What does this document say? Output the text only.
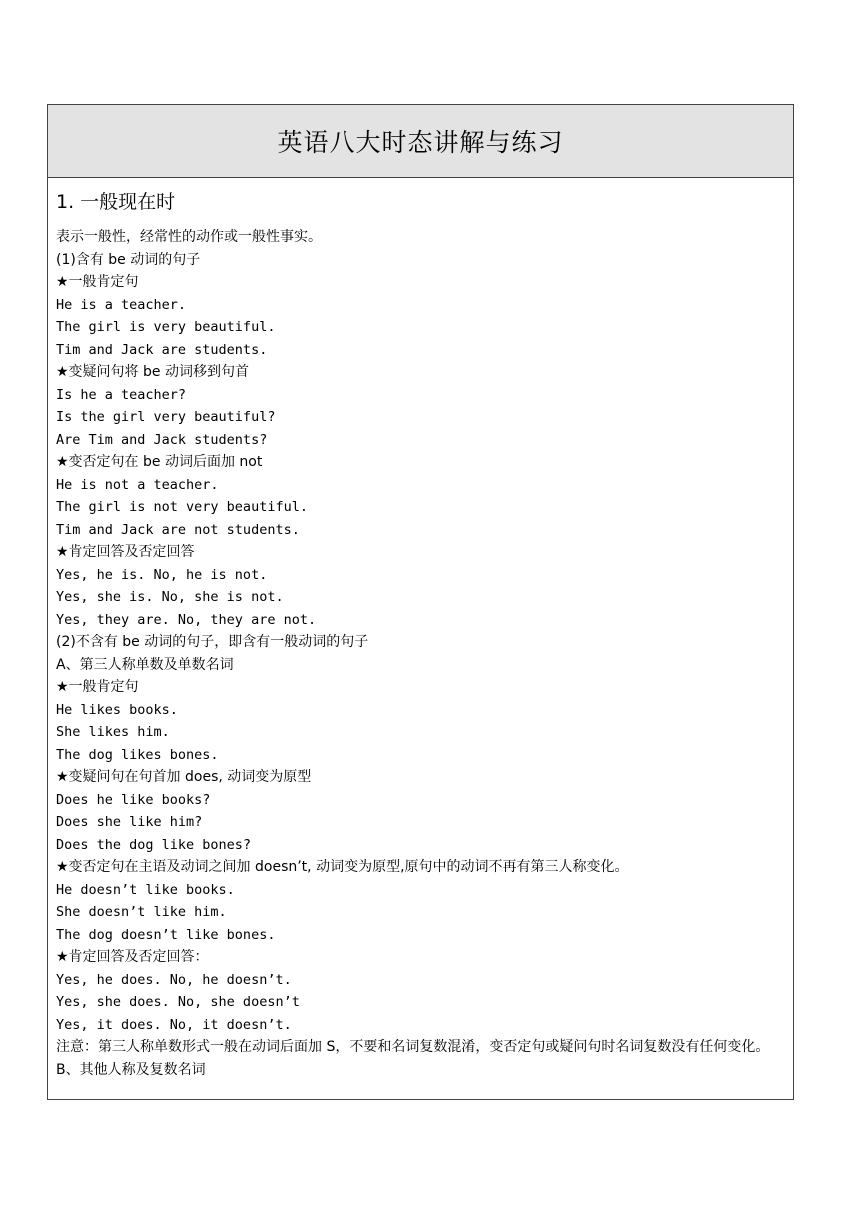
英语八大时态讲解与练习
1. 一般现在时
表示一般性，经常性的动作或一般性事实。
(1)含有 be 动词的句子
★一般肯定句
He is a teacher.
The girl is very beautiful.
Tim and Jack are students.
★变疑问句将 be 动词移到句首
Is he a teacher?
Is the girl very beautiful?
Are Tim and Jack students?
★变否定句在 be 动词后面加 not
He is not a teacher.
The girl is not very beautiful.
Tim and Jack are not students.
★肯定回答及否定回答
Yes, he is. No, he is not.
Yes, she is. No, she is not.
Yes, they are. No, they are not.
(2)不含有 be 动词的句子，即含有一般动词的句子
A、第三人称单数及单数名词
★一般肯定句
He likes books.
She likes him.
The dog likes bones.
★变疑问句在句首加 does, 动词变为原型
Does he like books?
Does she like him?
Does the dog like bones?
★变否定句在主语及动词之间加 doesn’t, 动词变为原型,原句中的动词不再有第三人称变化。
He doesn’t like books.
She doesn’t like him.
The dog doesn’t like bones.
★肯定回答及否定回答：
Yes, he does. No, he doesn’t.
Yes, she does. No, she doesn’t
Yes, it does. No, it doesn’t.
注意：第三人称单数形式一般在动词后面加 S，不要和名词复数混淆，变否定句或疑问句时名词复数没有任何变化。
B、其他人称及复数名词
